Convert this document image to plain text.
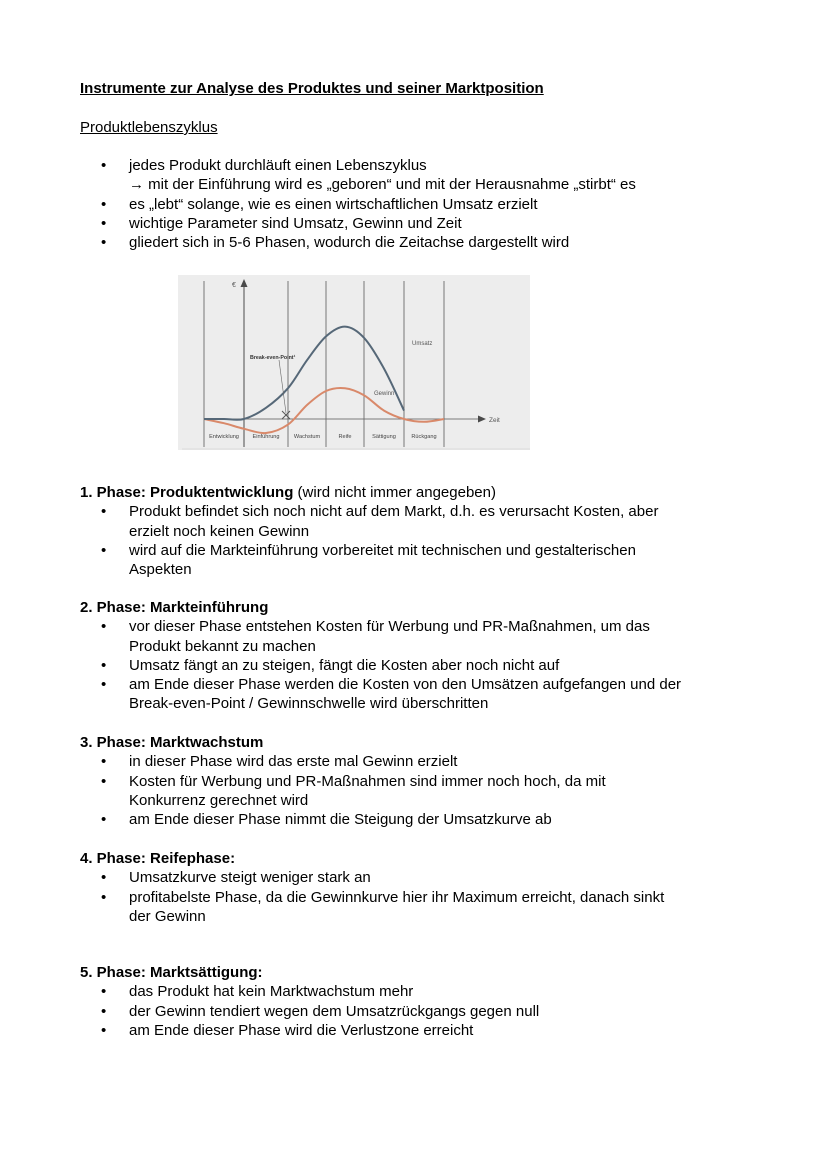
Instrumente zur Analyse des Produktes und seiner Marktposition
Produktlebenszyklus
• jedes Produkt durchläuft einen Lebenszyklus
→ mit der Einführung wird es „geboren“ und mit der Herausnahme „stirbt“ es
• es „lebt“ solange, wie es einen wirtschaftlichen Umsatz erzielt
• wichtige Parameter sind Umsatz, Gewinn und Zeit
• gliedert sich in 5-6 Phasen, wodurch die Zeitachse dargestellt wird
Zeit
€
Entwicklung Einführung	Wachstum	Reife	Sättigung	Rückgang
Break-even-Point¹
Umsatz
Gewinn
1. Phase: Produktentwicklung (wird nicht immer angegeben)
• Produkt befindet sich noch nicht auf dem Markt, d.h. es verursacht Kosten, aber
erzielt noch keinen Gewinn
• wird auf die Markteinführung vorbereitet mit technischen und gestalterischen
Aspekten
2. Phase: Markteinführung
• vor dieser Phase entstehen Kosten für Werbung und PR-Maßnahmen, um das
Produkt bekannt zu machen
• Umsatz fängt an zu steigen, fängt die Kosten aber noch nicht auf
• am Ende dieser Phase werden die Kosten von den Umsätzen aufgefangen und der
Break-even-Point / Gewinnschwelle wird überschritten
3. Phase: Marktwachstum
• in dieser Phase wird das erste mal Gewinn erzielt
• Kosten für Werbung und PR-Maßnahmen sind immer noch hoch, da mit
Konkurrenz gerechnet wird
• am Ende dieser Phase nimmt die Steigung der Umsatzkurve ab
4. Phase: Reifephase:
• Umsatzkurve steigt weniger stark an
• profitabelste Phase, da die Gewinnkurve hier ihr Maximum erreicht, danach sinkt
der Gewinn
5. Phase: Marktsättigung:
• das Produkt hat kein Marktwachstum mehr
• der Gewinn tendiert wegen dem Umsatzrückgangs gegen null
• am Ende dieser Phase wird die Verlustzone erreicht
